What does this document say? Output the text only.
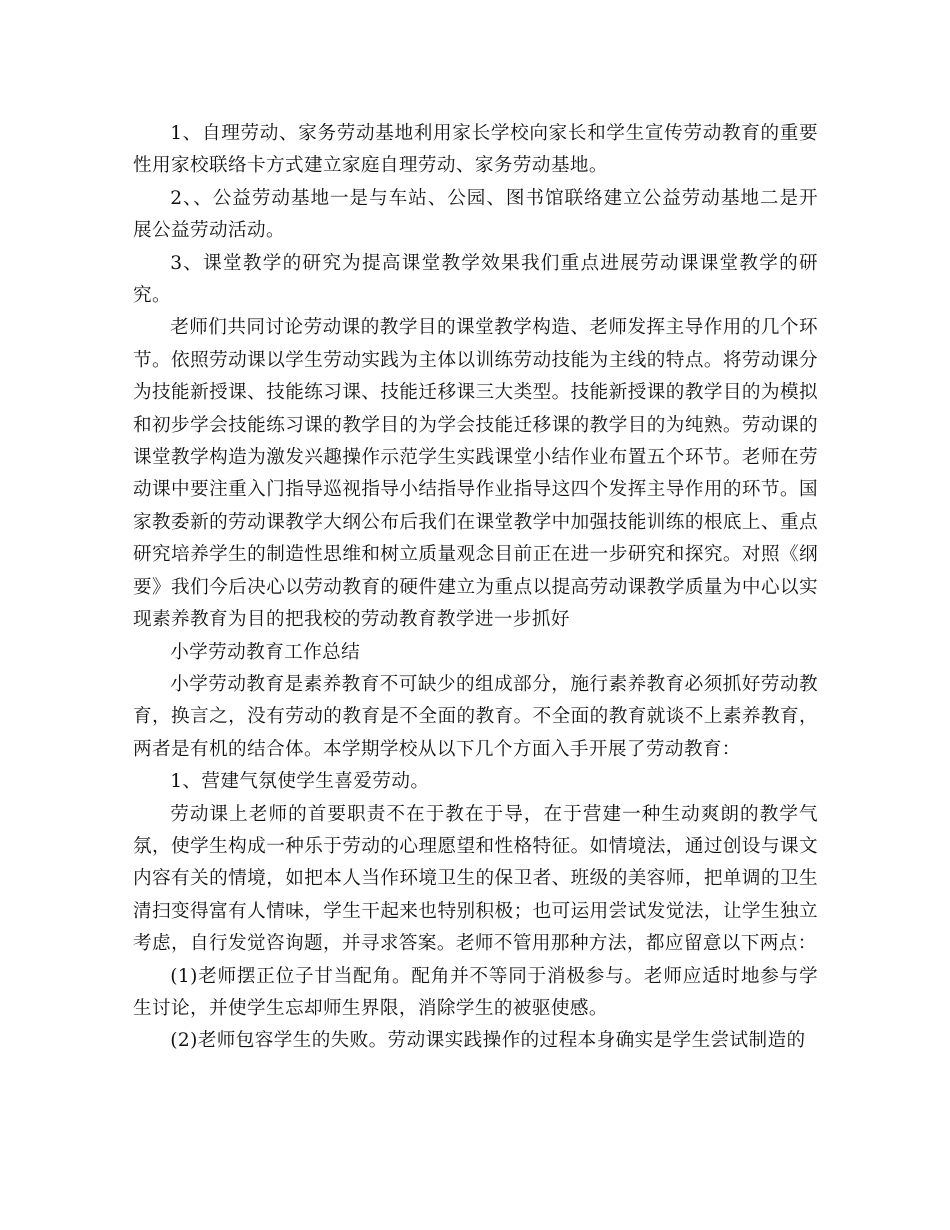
1、自理劳动、家务劳动基地利用家长学校向家长和学生宣传劳动教育的重要性用家校联络卡方式建立家庭自理劳动、家务劳动基地。

2、、公益劳动基地一是与车站、公园、图书馆联络建立公益劳动基地二是开展公益劳动活动。

3、课堂教学的研究为提高课堂教学效果我们重点进展劳动课课堂教学的研究。

老师们共同讨论劳动课的教学目的课堂教学构造、老师发挥主导作用的几个环节。依照劳动课以学生劳动实践为主体以训练劳动技能为主线的特点。将劳动课分为技能新授课、技能练习课、技能迁移课三大类型。技能新授课的教学目的为模拟和初步学会技能练习课的教学目的为学会技能迁移课的教学目的为纯熟。劳动课的课堂教学构造为激发兴趣操作示范学生实践课堂小结作业布置五个环节。老师在劳动课中要注重入门指导巡视指导小结指导作业指导这四个发挥主导作用的环节。国家教委新的劳动课教学大纲公布后我们在课堂教学中加强技能训练的根底上、重点研究培养学生的制造性思维和树立质量观念目前正在进一步研究和探究。对照《纲要》我们今后决心以劳动教育的硬件建立为重点以提高劳动课教学质量为中心以实现素养教育为目的把我校的劳动教育教学进一步抓好

小学劳动教育工作总结

小学劳动教育是素养教育不可缺少的组成部分，施行素养教育必须抓好劳动教育，换言之，没有劳动的教育是不全面的教育。不全面的教育就谈不上素养教育，两者是有机的结合体。本学期学校从以下几个方面入手开展了劳动教育：

1、营建气氛使学生喜爱劳动。

劳动课上老师的首要职责不在于教在于导，在于营建一种生动爽朗的教学气氛，使学生构成一种乐于劳动的心理愿望和性格特征。如情境法，通过创设与课文内容有关的情境，如把本人当作环境卫生的保卫者、班级的美容师，把单调的卫生清扫变得富有人情味，学生干起来也特别积极；也可运用尝试发觉法，让学生独立考虑，自行发觉咨询题，并寻求答案。老师不管用那种方法，都应留意以下两点：

(1)老师摆正位子甘当配角。配角并不等同于消极参与。老师应适时地参与学生讨论，并使学生忘却师生界限，消除学生的被驱使感。

(2)老师包容学生的失败。劳动课实践操作的过程本身确实是学生尝试制造的
